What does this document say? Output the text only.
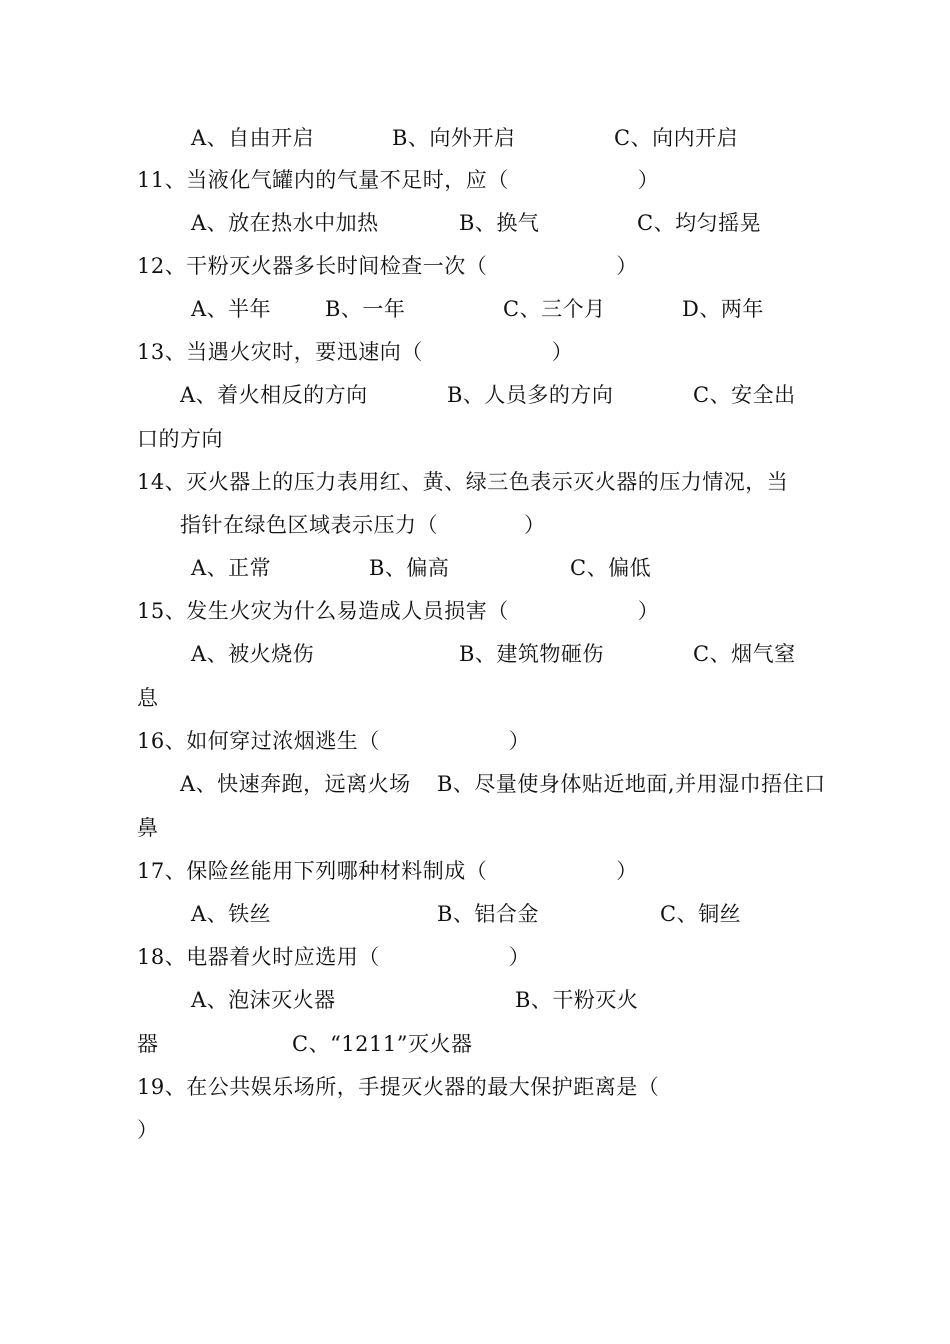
A、自由开启	B、向外开启	C、向内开启
11、当液化气罐内的气量不足时，应（　　　　　　）
A、放在热水中加热	B、换气	C、均匀摇晃
12、干粉灭火器多长时间检查一次（　　　　　　）
A、半年	B、一年	C、三个月	D、两年
13、当遇火灾时，要迅速向（　　　　　　）
A、着火相反的方向	B、人员多的方向	C、安全出
口的方向
14、灭火器上的压力表用红、黄、绿三色表示灭火器的压力情况，当
指针在绿色区域表示压力（　　　　）
A、正常	B、偏高	C、偏低
15、发生火灾为什么易造成人员损害（　　　　　　）
A、被火烧伤	B、建筑物砸伤	C、烟气窒
息
16、如何穿过浓烟逃生（　　　　　　）
A、快速奔跑，远离火场 B、尽量使身体贴近地面,并用湿巾捂住口
鼻
17、保险丝能用下列哪种材料制成（　　　　　　）
A、铁丝	B、铝合金	C、铜丝
18、电器着火时应选用（　　　　　　）
A、泡沫灭火器	B、干粉灭火
器	C、“1211”灭火器
19、在公共娱乐场所，手提灭火器的最大保护距离是（
）
